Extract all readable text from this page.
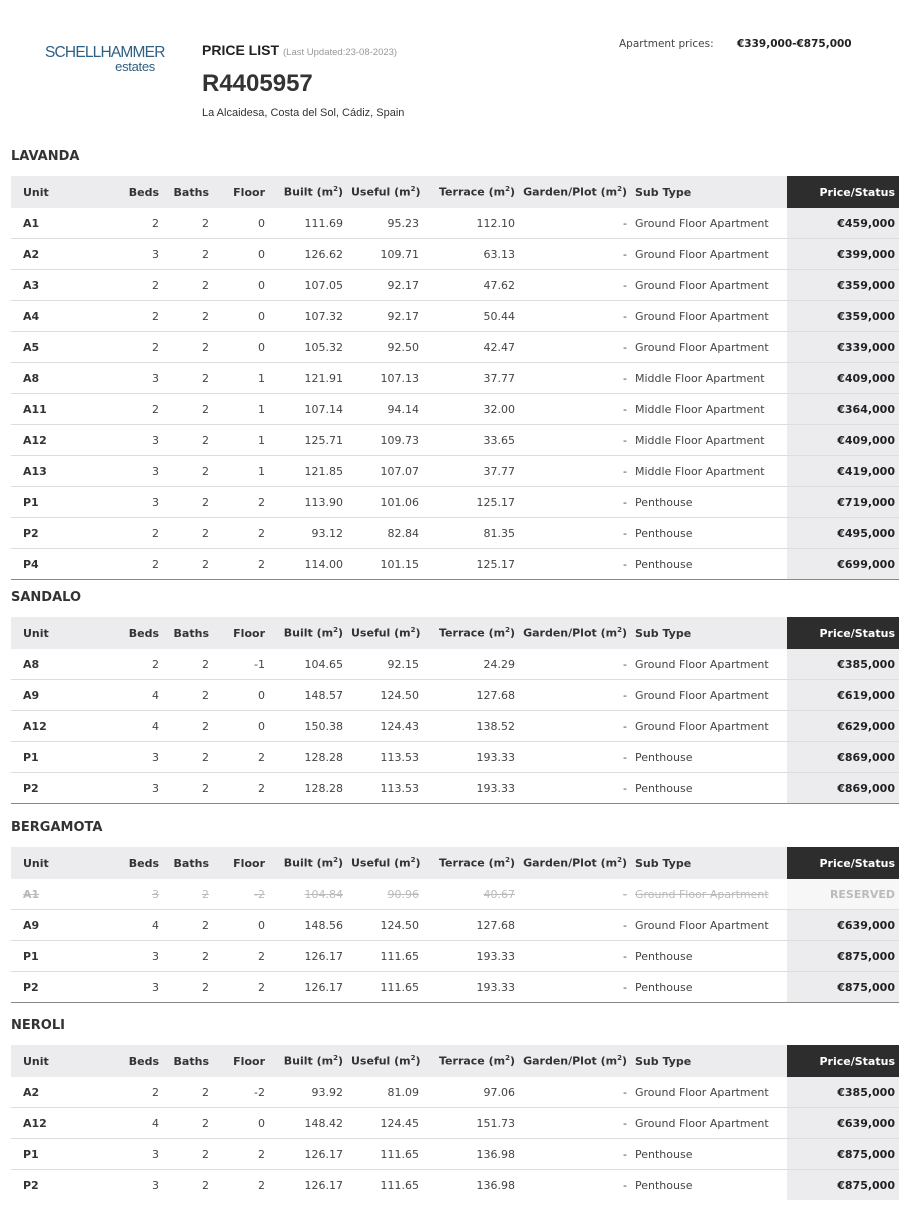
SCHELLHAMMER
estates
PRICE LIST (Last Updated:23-08-2023)
R4405957
La Alcaidesa, Costa del Sol, Cádiz, Spain
Apartment prices: €339,000-€875,000
LAVANDA
Unit	Beds	Baths	Floor	Built $(m^2)$	Useful $(m^2)$	Terrace $(m^2)$	Garden/Plot $(m^2)$	Sub Type	Price/Status
A1	2	2	0	111.69	95.23	112.10	-	Ground Floor Apartment	€459,000
A2	3	2	0	126.62	109.71	63.13	-	Ground Floor Apartment	€399,000
A3	2	2	0	107.05	92.17	47.62	-	Ground Floor Apartment	€359,000
A4	2	2	0	107.32	92.17	50.44	-	Ground Floor Apartment	€359,000
A5	2	2	0	105.32	92.50	42.47	-	Ground Floor Apartment	€339,000
A8	3	2	1	121.91	107.13	37.77	-	Middle Floor Apartment	€409,000
A11	2	2	1	107.14	94.14	32.00	-	Middle Floor Apartment	€364,000
A12	3	2	1	125.71	109.73	33.65	-	Middle Floor Apartment	€409,000
A13	3	2	1	121.85	107.07	37.77	-	Middle Floor Apartment	€419,000
P1	3	2	2	113.90	101.06	125.17	-	Penthouse	€719,000
P2	2	2	2	93.12	82.84	81.35	-	Penthouse	€495,000
P4	2	2	2	114.00	101.15	125.17	-	Penthouse	€699,000
SANDALO
Unit	Beds	Baths	Floor	Built $(m^2)$	Useful $(m^2)$	Terrace $(m^2)$	Garden/Plot $(m^2)$	Sub Type	Price/Status
A8	2	2	-1	104.65	92.15	24.29	-	Ground Floor Apartment	€385,000
A9	4	2	0	148.57	124.50	127.68	-	Ground Floor Apartment	€619,000
A12	4	2	0	150.38	124.43	138.52	-	Ground Floor Apartment	€629,000
P1	3	2	2	128.28	113.53	193.33	-	Penthouse	€869,000
P2	3	2	2	128.28	113.53	193.33	-	Penthouse	€869,000
BERGAMOTA
Unit	Beds	Baths	Floor	Built $(m^2)$	Useful $(m^2)$	Terrace $(m^2)$	Garden/Plot $(m^2)$	Sub Type	Price/Status
A1	3	2	-2	104.84	90.96	40.67	-	Ground Floor Apartment	RESERVED
A9	4	2	0	148.56	124.50	127.68	-	Ground Floor Apartment	€639,000
P1	3	2	2	126.17	111.65	193.33	-	Penthouse	€875,000
P2	3	2	2	126.17	111.65	193.33	-	Penthouse	€875,000
NEROLI
Unit	Beds	Baths	Floor	Built $(m^2)$	Useful $(m^2)$	Terrace $(m^2)$	Garden/Plot $(m^2)$	Sub Type	Price/Status
A2	2	2	-2	93.92	81.09	97.06	-	Ground Floor Apartment	€385,000
A12	4	2	0	148.42	124.45	151.73	-	Ground Floor Apartment	€639,000
P1	3	2	2	126.17	111.65	136.98	-	Penthouse	€875,000
P2	3	2	2	126.17	111.65	136.98	-	Penthouse	€875,000
